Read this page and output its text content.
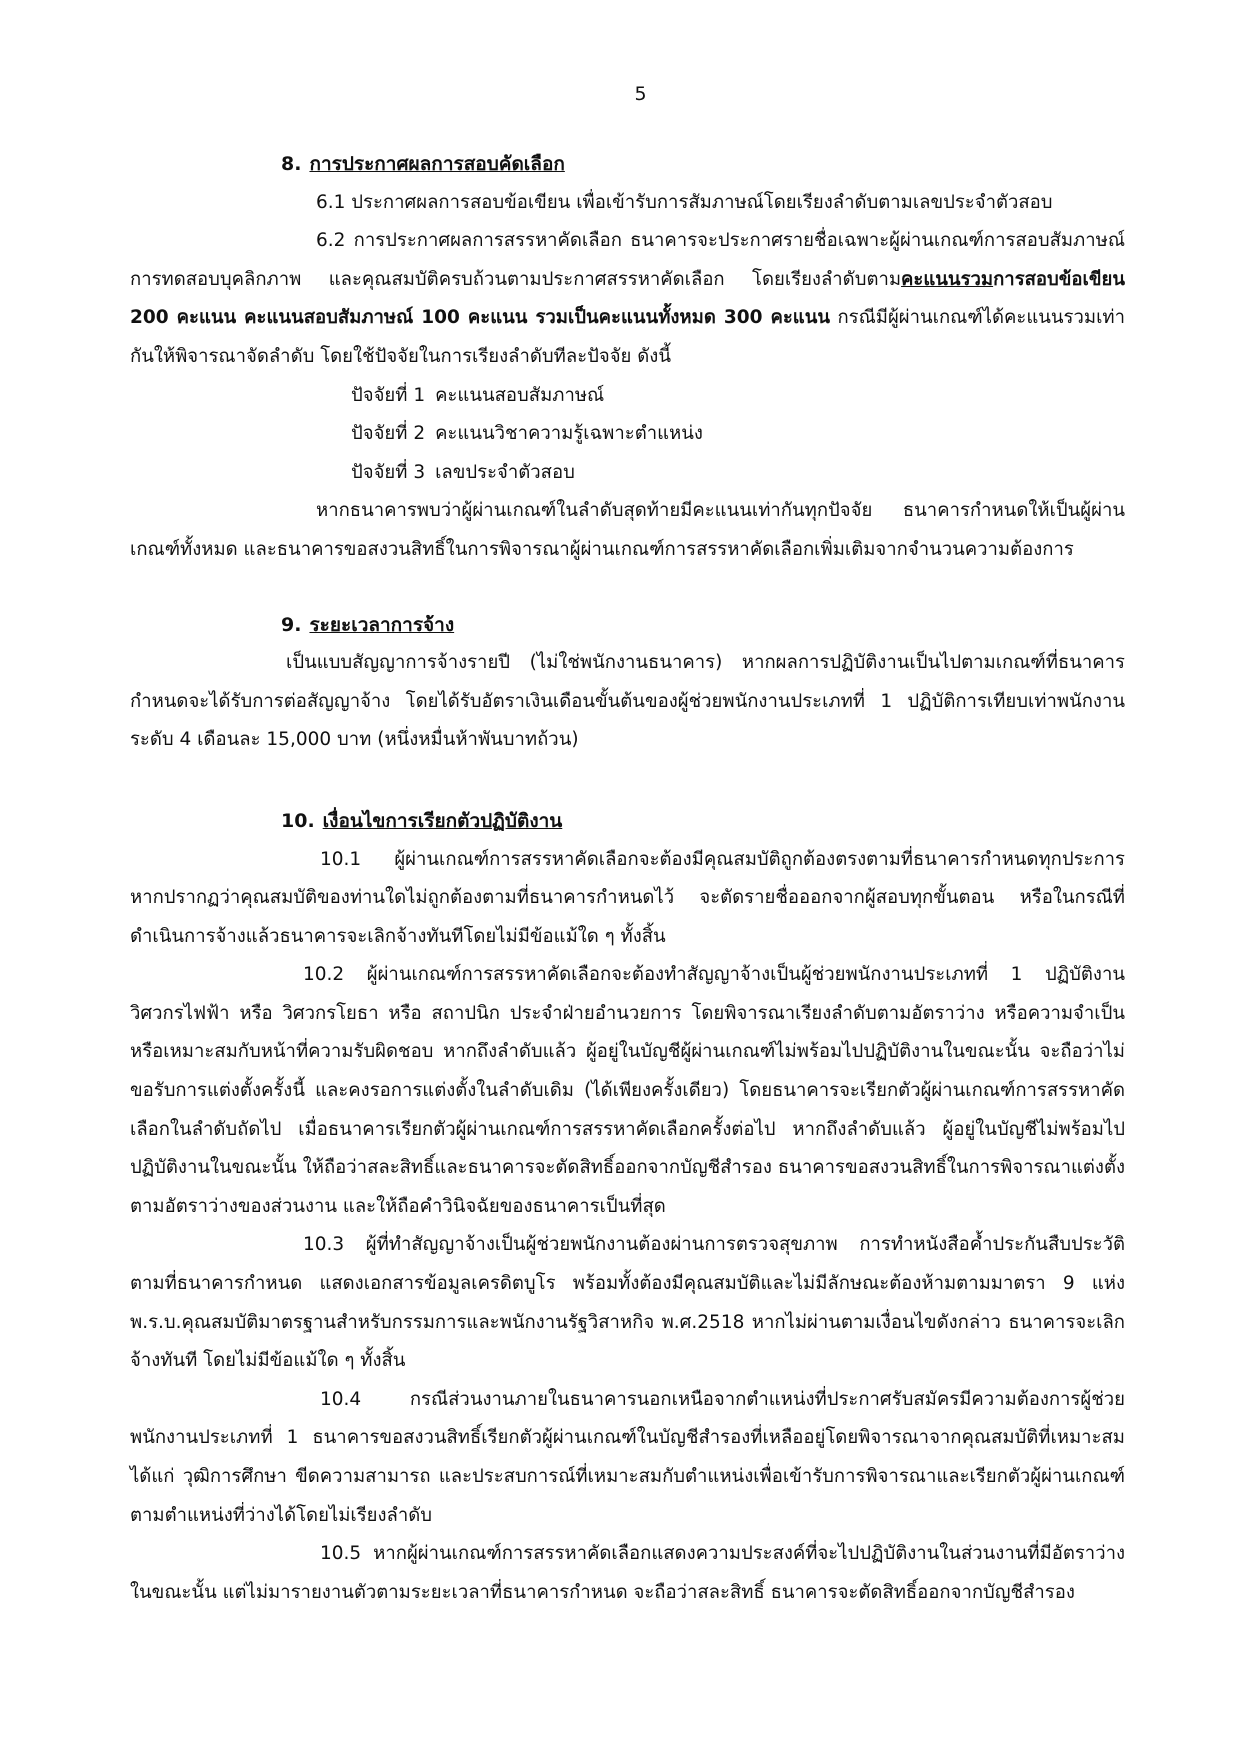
5

8. การประกาศผลการสอบคัดเลือก

6.1 ประกาศผลการสอบข้อเขียน เพื่อเข้ารับการสัมภาษณ์โดยเรียงลำดับตามเลขประจำตัวสอบ

6.2 การประกาศผลการสรรหาคัดเลือก ธนาคารจะประกาศรายชื่อเฉพาะผู้ผ่านเกณฑ์การสอบสัมภาษณ์ การทดสอบบุคลิกภาพ และคุณสมบัติครบถ้วนตามประกาศสรรหาคัดเลือก โดยเรียงลำดับตามคะแนนรวมการสอบข้อเขียน 200 คะแนน คะแนนสอบสัมภาษณ์ 100 คะแนน รวมเป็นคะแนนทั้งหมด 300 คะแนน กรณีมีผู้ผ่านเกณฑ์ได้คะแนนรวมเท่ากันให้พิจารณาจัดลำดับ โดยใช้ปัจจัยในการเรียงลำดับทีละปัจจัย ดังนี้

ปัจจัยที่ 1 คะแนนสอบสัมภาษณ์

ปัจจัยที่ 2 คะแนนวิชาความรู้เฉพาะตำแหน่ง

ปัจจัยที่ 3 เลขประจำตัวสอบ

หากธนาคารพบว่าผู้ผ่านเกณฑ์ในลำดับสุดท้ายมีคะแนนเท่ากันทุกปัจจัย ธนาคารกำหนดให้เป็นผู้ผ่านเกณฑ์ทั้งหมด และธนาคารขอสงวนสิทธิ์ในการพิจารณาผู้ผ่านเกณฑ์การสรรหาคัดเลือกเพิ่มเติมจากจำนวนความต้องการ

9. ระยะเวลาการจ้าง

เป็นแบบสัญญาการจ้างรายปี (ไม่ใช่พนักงานธนาคาร) หากผลการปฏิบัติงานเป็นไปตามเกณฑ์ที่ธนาคารกำหนดจะได้รับการต่อสัญญาจ้าง โดยได้รับอัตราเงินเดือนขั้นต้นของผู้ช่วยพนักงานประเภทที่ 1 ปฏิบัติการเทียบเท่าพนักงาน ระดับ 4 เดือนละ 15,000 บาท (หนึ่งหมื่นห้าพันบาทถ้วน)

10. เงื่อนไขการเรียกตัวปฏิบัติงาน

10.1 ผู้ผ่านเกณฑ์การสรรหาคัดเลือกจะต้องมีคุณสมบัติถูกต้องตรงตามที่ธนาคารกำหนดทุกประการ หากปรากฏว่าคุณสมบัติของท่านใดไม่ถูกต้องตามที่ธนาคารกำหนดไว้ จะตัดรายชื่อออกจากผู้สอบทุกขั้นตอน หรือในกรณีที่ดำเนินการจ้างแล้วธนาคารจะเลิกจ้างทันทีโดยไม่มีข้อแม้ใด ๆ ทั้งสิ้น

10.2 ผู้ผ่านเกณฑ์การสรรหาคัดเลือกจะต้องทำสัญญาจ้างเป็นผู้ช่วยพนักงานประเภทที่ 1 ปฏิบัติงานวิศวกรไฟฟ้า หรือ วิศวกรโยธา หรือ สถาปนิก ประจำฝ่ายอำนวยการ โดยพิจารณาเรียงลำดับตามอัตราว่าง หรือความจำเป็น หรือเหมาะสมกับหน้าที่ความรับผิดชอบ หากถึงลำดับแล้ว ผู้อยู่ในบัญชีผู้ผ่านเกณฑ์ไม่พร้อมไปปฏิบัติงานในขณะนั้น จะถือว่าไม่ขอรับการแต่งตั้งครั้งนี้ และคงรอการแต่งตั้งในลำดับเดิม (ได้เพียงครั้งเดียว) โดยธนาคารจะเรียกตัวผู้ผ่านเกณฑ์การสรรหาคัดเลือกในลำดับถัดไป เมื่อธนาคารเรียกตัวผู้ผ่านเกณฑ์การสรรหาคัดเลือกครั้งต่อไป หากถึงลำดับแล้ว ผู้อยู่ในบัญชีไม่พร้อมไปปฏิบัติงานในขณะนั้น ให้ถือว่าสละสิทธิ์และธนาคารจะตัดสิทธิ์ออกจากบัญชีสำรอง ธนาคารขอสงวนสิทธิ์ในการพิจารณาแต่งตั้งตามอัตราว่างของส่วนงาน และให้ถือคำวินิจฉัยของธนาคารเป็นที่สุด

10.3 ผู้ที่ทำสัญญาจ้างเป็นผู้ช่วยพนักงานต้องผ่านการตรวจสุขภาพ การทำหนังสือค้ำประกันสืบประวัติตามที่ธนาคารกำหนด แสดงเอกสารข้อมูลเครดิตบูโร พร้อมทั้งต้องมีคุณสมบัติและไม่มีลักษณะต้องห้ามตามมาตรา 9 แห่ง พ.ร.บ.คุณสมบัติมาตรฐานสำหรับกรรมการและพนักงานรัฐวิสาหกิจ พ.ศ.2518 หากไม่ผ่านตามเงื่อนไขดังกล่าว ธนาคารจะเลิกจ้างทันที โดยไม่มีข้อแม้ใด ๆ ทั้งสิ้น

10.4 กรณีส่วนงานภายในธนาคารนอกเหนือจากตำแหน่งที่ประกาศรับสมัครมีความต้องการผู้ช่วยพนักงานประเภทที่ 1 ธนาคารขอสงวนสิทธิ์เรียกตัวผู้ผ่านเกณฑ์ในบัญชีสำรองที่เหลืออยู่โดยพิจารณาจากคุณสมบัติที่เหมาะสม ได้แก่ วุฒิการศึกษา ขีดความสามารถ และประสบการณ์ที่เหมาะสมกับตำแหน่งเพื่อเข้ารับการพิจารณาและเรียกตัวผู้ผ่านเกณฑ์ตามตำแหน่งที่ว่างได้โดยไม่เรียงลำดับ

10.5 หากผู้ผ่านเกณฑ์การสรรหาคัดเลือกแสดงความประสงค์ที่จะไปปฏิบัติงานในส่วนงานที่มีอัตราว่างในขณะนั้น แต่ไม่มารายงานตัวตามระยะเวลาที่ธนาคารกำหนด จะถือว่าสละสิทธิ์ ธนาคารจะตัดสิทธิ์ออกจากบัญชีสำรอง
